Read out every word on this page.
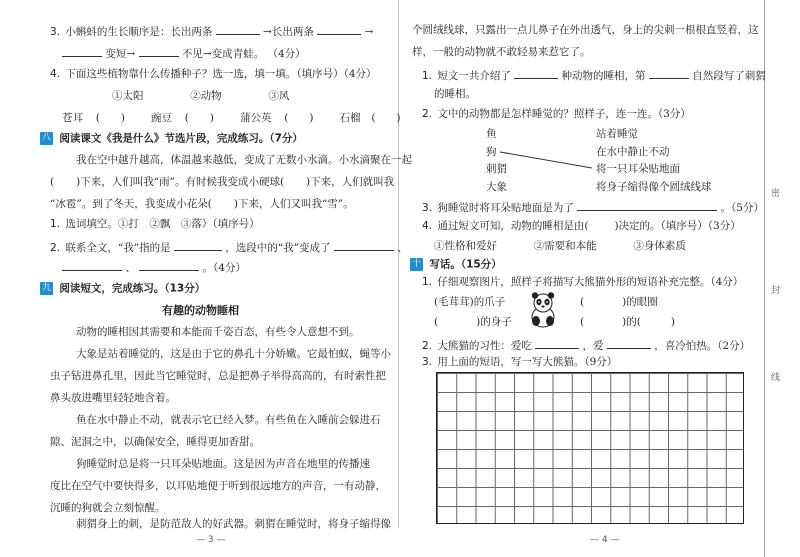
密
封
线
3. 小蝌蚪的生长顺序是：长出两条	→长出两条	→
变短→	不见→变成青蛙。 （4分）
4. 下面这些植物靠什么传播种子？选一选，填一填。（填序号）（4分）
①太阳	②动物	③风
苍耳 (　　) 豌豆 (　　) 蒲公英 (　　) 石榴 (　　)
八 阅读课文《我是什么》节选片段，完成练习。（7分）
我在空中越升越高，体温越来越低，变成了无数小水滴。小水滴聚在一起
( )下来，人们叫我“雨”。有时候我变成小硬球( )下来，人们就叫我
“冰雹”。到了冬天，我变成小花朵( )下来，人们又叫我“雪”。
1. 选词填空。①打　②飘　③落）（填序号）
2. 联系全文，“我”指的是	，选段中的“我”变成了	、
、	。（4分）
九 阅读短文，完成练习。（13分）
有趣的动物睡相
动物的睡相因其需要和本能而千姿百态，有些令人意想不到。
大象是站着睡觉的，这是由于它的鼻孔十分娇嫩。它最怕蚁，蝇等小
虫子钻进鼻孔里，因此当它睡觉时，总是把鼻子举得高高的，有时索性把
鼻头放进嘴里轻轻地含着。
鱼在水中静止不动，就表示它已经入梦。有些鱼在入睡前会躲进石
隙、泥洞之中，以确保安全，睡得更加香甜。
狗睡觉时总是将一只耳朵贴地面。这是因为声音在地里的传播速
度比在空气中要快得多，以耳贴地便于听到很远地方的声音，一有动静，
沉睡的狗就会立刻惊醒。
刺猬身上的刺，是防范敌人的好武器。刺猬在睡觉时，将身子缩得像
— 3 —
个圆绒线球，只露出一点儿鼻子在外出透气，身上的尖刺一根根直竖着，这
样，一般的动物就不敢轻易来惹它了。
1. 短文一共介绍了	种动物的睡相，第	自然段写了刺猬
的睡相。
2. 文中的动物都是怎样睡觉的？照样子，连一连。（3分）
鱼
狗
刺猬
大象
站着睡觉
在水中静止不动
将一只耳朵贴地面
将身子缩得像个圆绒线球
3. 狗睡觉时将耳朵贴地面是为了	。（5分）
4. 通过短文可知，动物的睡相是由( )决定的。（填序号）（3分）
①性格和爱好	②需要和本能	③身体素质
十 写话。（15分）
1. 仔细观察图片，照样子将描写大熊猫外形的短语补充完整。（4分）
(毛茸茸)的爪子	(	)的眼圈
(	)的身子	(	)的(	)
2. 大熊猫的习性：爱吃	，爱	，喜冷怕热。（2分）
3. 用上面的短语，写一写大熊猫。（9分）
— 4 —
